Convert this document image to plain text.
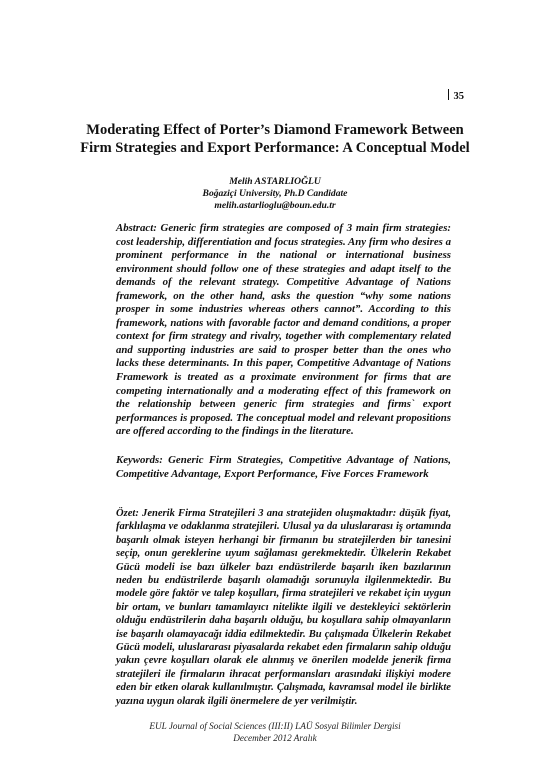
35
Moderating Effect of Porter’s Diamond Framework Between
Firm Strategies and Export Performance: A Conceptual Model
Melih ASTARLIOĞLU
Boğaziçi University, Ph.D Candidate
melih.astarlioglu@boun.edu.tr

Abstract: Generic firm strategies are composed of 3 main firm strategies: cost leadership, differentiation and focus strategies. Any firm who desires a prominent performance in the national or international business environment should follow one of these strategies and adapt itself to the demands of the relevant strategy. Competitive Advantage of Nations framework, on the other hand, asks the question “why some nations prosper in some industries whereas others cannot”. According to this framework, nations with favorable factor and demand conditions, a proper context for firm strategy and rivalry, together with complementary related and supporting industries are said to prosper better than the ones who lacks these determinants. In this paper, Competitive Advantage of Nations Framework is treated as a proximate environment for firms that are competing internationally and a moderating effect of this framework on the relationship between generic firm strategies and firms` export performances is proposed. The conceptual model and relevant propositions are offered according to the findings in the literature.

Keywords: Generic Firm Strategies, Competitive Advantage of Nations, Competitive Advantage, Export Performance, Five Forces Framework

Özet: Jenerik Firma Stratejileri 3 ana stratejiden oluşmaktadır: düşük fiyat, farklılaşma ve odaklanma stratejileri. Ulusal ya da uluslararası iş ortamında başarılı olmak isteyen herhangi bir firmanın bu stratejilerden bir tanesini seçip, onun gereklerine uyum sağlaması gerekmektedir. Ülkelerin Rekabet Gücü modeli ise bazı ülkeler bazı endüstrilerde başarılı iken bazılarının neden bu endüstrilerde başarılı olamadığı sorunuyla ilgilenmektedir. Bu modele göre faktör ve talep koşulları, firma stratejileri ve rekabet için uygun bir ortam, ve bunları tamamlayıcı nitelikte ilgili ve destekleyici sektörlerin olduğu endüstrilerin daha başarılı olduğu, bu koşullara sahip olmayanların ise başarılı olamayacağı iddia edilmektedir. Bu çalışmada Ülkelerin Rekabet Gücü modeli, uluslararası piyasalarda rekabet eden firmaların sahip olduğu yakın çevre koşulları olarak ele alınmış ve önerilen modelde jenerik firma stratejileri ile firmaların ihracat performansları arasındaki ilişkiyi modere eden bir etken olarak kullanılmıştır. Çalışmada, kavramsal model ile birlikte yazına uygun olarak ilgili önermelere de yer verilmiştir.

EUL Journal of Social Sciences (III:II) LAÜ Sosyal Bilimler Dergisi
December 2012 Aralık
